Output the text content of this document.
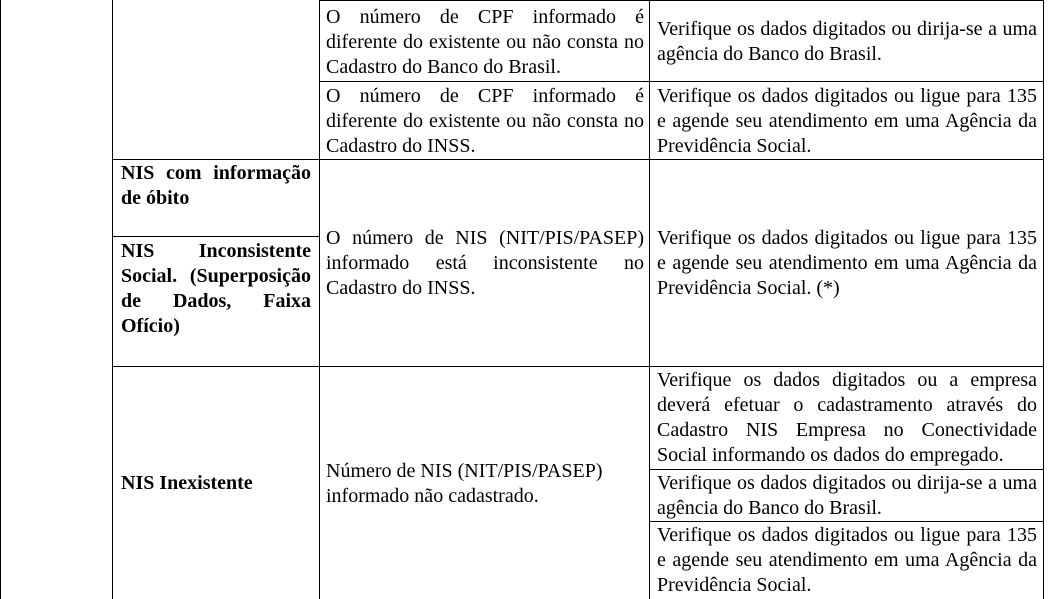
O número de CPF informado é diferente do existente ou não consta no Cadastro do Banco do Brasil.
Verifique os dados digitados ou dirija-se a uma agência do Banco do Brasil.
O número de CPF informado é diferente do existente ou não consta no Cadastro do INSS.
Verifique os dados digitados ou ligue para 135 e agende seu atendimento em uma Agência da Previdência Social.
NIS com informação de óbito
NIS Inconsistente Social. (Superposição de Dados, Faixa Ofício)
O número de NIS (NIT/PIS/PASEP) informado está inconsistente no Cadastro do INSS.
Verifique os dados digitados ou ligue para 135 e agende seu atendimento em uma Agência da Previdência Social. (*)
NIS Inexistente
Número de NIS (NIT/PIS/PASEP) informado não cadastrado.
Verifique os dados digitados ou a empresa deverá efetuar o cadastramento através do Cadastro NIS Empresa no Conectividade Social informando os dados do empregado.
Verifique os dados digitados ou dirija-se a uma agência do Banco do Brasil.
Verifique os dados digitados ou ligue para 135 e agende seu atendimento em uma Agência da Previdência Social.
